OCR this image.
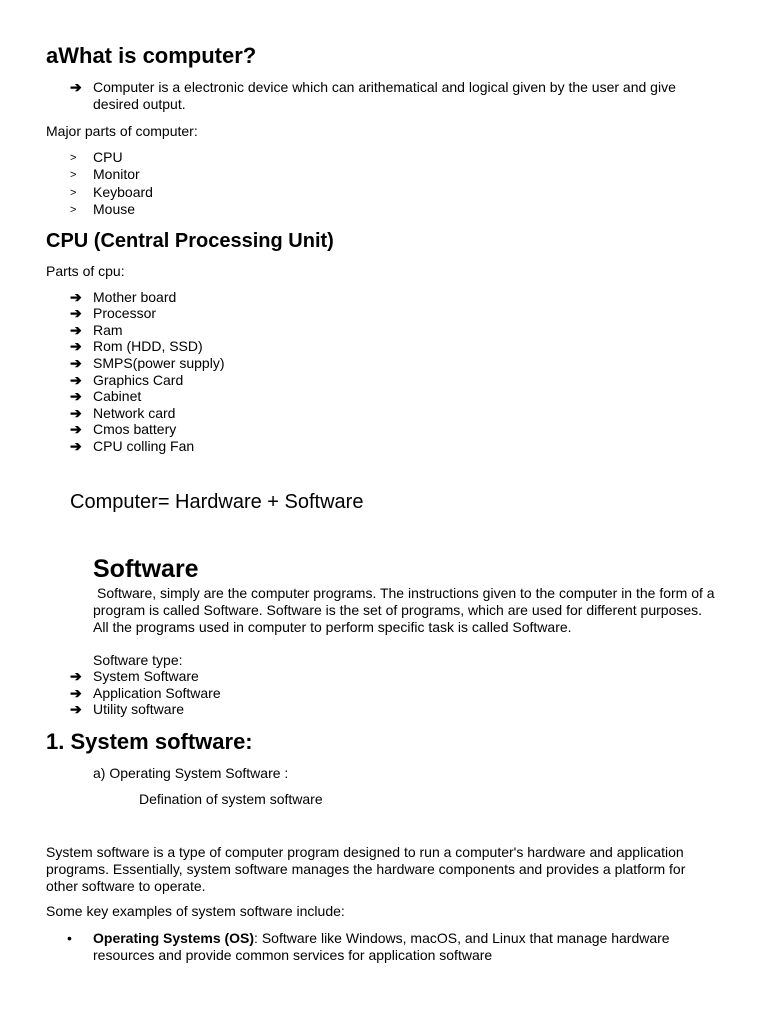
aWhat is computer?
➔ Computer is a electronic device which can arithematical and logical given by the user and give desired output.
Major parts of computer:
> CPU
> Monitor
> Keyboard
> Mouse
CPU (Central Processing Unit)
Parts of cpu:
➔ Mother board
➔ Processor
➔ Ram
➔ Rom (HDD, SSD)
➔ SMPS(power supply)
➔ Graphics Card
➔ Cabinet
➔ Network card
➔ Cmos battery
➔ CPU colling Fan
Computer= Hardware + Software
Software
Software, simply are the computer programs. The instructions given to the computer in the form of a program is called Software. Software is the set of programs, which are used for different purposes. All the programs used in computer to perform specific task is called Software.
Software type:
➔ System Software
➔ Application Software
➔ Utility software
1. System software:
a) Operating System Software :
Defination of system software
System software is a type of computer program designed to run a computer's hardware and application programs. Essentially, system software manages the hardware components and provides a platform for other software to operate.
Some key examples of system software include:
• Operating Systems (OS): Software like Windows, macOS, and Linux that manage hardware resources and provide common services for application software
